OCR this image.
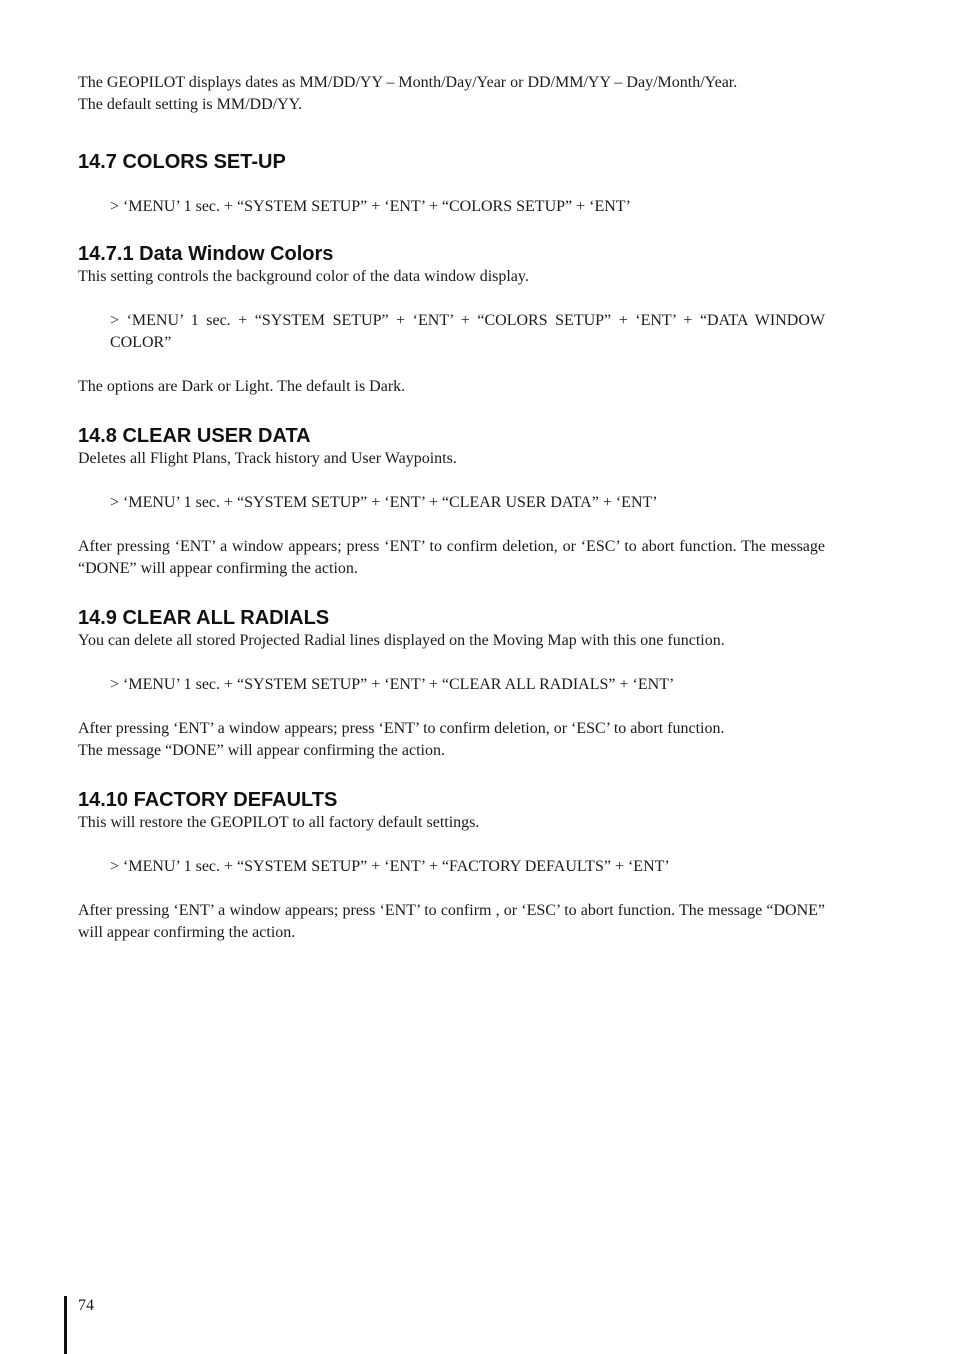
The GEOPILOT displays dates as MM/DD/YY – Month/Day/Year or DD/MM/YY – Day/Month/Year.

The default setting is MM/DD/YY.

14.7 COLORS SET-UP

> ‘MENU’ 1 sec. + “SYSTEM SETUP” + ‘ENT’ + “COLORS SETUP” + ‘ENT’

14.7.1 Data Window Colors

This setting controls the background color of the data window display.

> ‘MENU’ 1 sec. + “SYSTEM SETUP” + ‘ENT’ + “COLORS SETUP” + ‘ENT’ + “DATA WINDOW COLOR”

The options are Dark or Light. The default is Dark.

14.8 CLEAR USER DATA

Deletes all Flight Plans, Track history and User Waypoints.

> ‘MENU’ 1 sec. + “SYSTEM SETUP” + ‘ENT’ + “CLEAR USER DATA” + ‘ENT’

After pressing ‘ENT’ a window appears; press ‘ENT’ to confirm deletion, or ‘ESC’ to abort function. The message “DONE” will appear confirming the action.

14.9 CLEAR ALL RADIALS

You can delete all stored Projected Radial lines displayed on the Moving Map with this one function.

> ‘MENU’ 1 sec. + “SYSTEM SETUP” + ‘ENT’ + “CLEAR ALL RADIALS” + ‘ENT’

After pressing ‘ENT’ a window appears; press ‘ENT’ to confirm deletion, or ‘ESC’ to abort function.

The message “DONE” will appear confirming the action.

14.10 FACTORY DEFAULTS

This will restore the GEOPILOT to all factory default settings.

> ‘MENU’ 1 sec. + “SYSTEM SETUP” + ‘ENT’ + “FACTORY DEFAULTS” + ‘ENT’

After pressing ‘ENT’ a window appears; press ‘ENT’ to confirm , or ‘ESC’ to abort function. The message “DONE” will appear confirming the action.

74
